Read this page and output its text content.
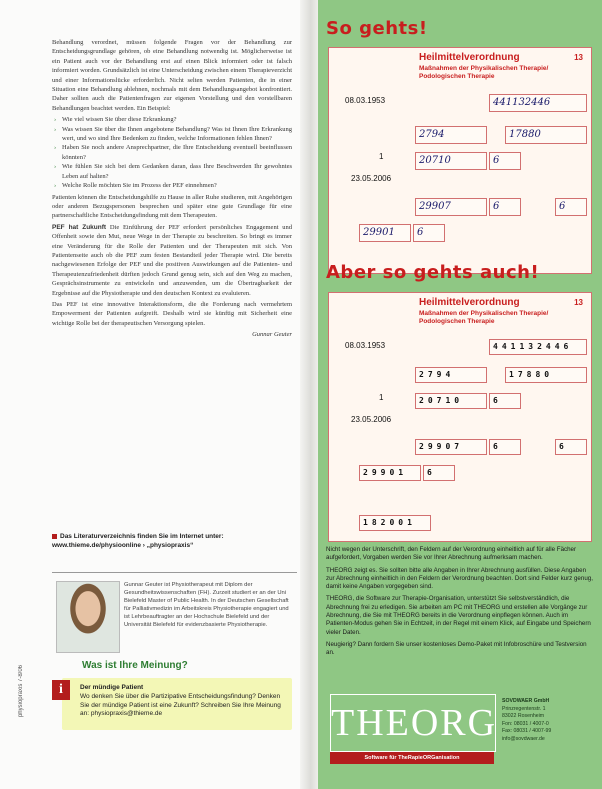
Behandlung verordnet, müssen folgende Fragen vor der Behandlung zur Entscheidungsgrundlage gehören, ob eine Behandlung notwendig ist. Möglicherweise ist ein Patient auch vor der Behandlung erst auf einen Blick informiert oder ist falsch informiert worden. Grundsätzlich ist eine Unterscheidung zwischen einem Therapieverzicht und einer Informationslücke erforderlich. Nicht selten werden Patienten, die in einer Situation eine Behandlung ablehnen, nochmals mit dem Behandlungsangebot konfrontiert. Daher sollten auch die Patientenfragen zur eigenen Vorstellung und den vorstellbaren Behandlungen beachtet werden. Ein Beispiel:

› Wie viel wissen Sie über diese Erkrankung?
› Was wissen Sie über die Ihnen angebotene Behandlung? Was ist Ihnen Ihre Erkrankung wert, und wo sind Ihre Bedenken zu finden, welche Informationen fehlen Ihnen?
› Haben Sie noch andere Ansprechpartner, die Ihre Entscheidung eventuell beeinflussen könnten?
› Wie fühlen Sie sich bei dem Gedanken daran, dass Ihre Beschwerden Ihr gewohntes Leben auf halten?
› Welche Rolle möchten Sie im Prozess der PEF einnehmen?

Patienten können die Entscheidungshilfe zu Hause in aller Ruhe studieren, mit Angehörigen oder anderen Bezugspersonen besprechen und später eine gute Grundlage für eine partnerschaftliche Entscheidungsfindung mit dem Therapeuten.

PEF hat Zukunft Die Einführung der PEF erfordert persönliches Engagement und Offenheit sowie den Mut, neue Wege in der Therapie zu beschreiten. So bringt es immer eine Veränderung für die Rolle der Patienten und der Therapeuten mit sich. Von Patientenseite auch ob die PEF zum festen Bestandteil jeder Therapie wird. Die bereits nachgewiesenen Erfolge der PEF und die positiven Auswirkungen auf die Patienten- und Therapeutenzufriedenheit dürften jedoch Grund genug sein, sich auf den Weg zu machen, Gesprächsinstrumente zu entwickeln und anzuwenden, um die Übertragbarkeit der Ergebnisse auf die Physiotherapie und den deutschen Kontext zu evaluieren.

Das PEF ist eine innovative Interaktionsform, die die Forderung nach vermehrtem Empowerment der Patienten aufgreift. Deshalb wird sie künftig mit Sicherheit eine wichtige Rolle bei der therapeutischen Versorgung spielen.

Gunnar Geuter
Das Literaturverzeichnis finden Sie im Internet unter:
www.thieme.de/physioonline › „physiopraxis“
Gunnar Geuter ist Physiotherapeut mit Diplom der Gesundheitswissenschaften (FH). Zurzeit studiert er an der Uni Bielefeld Master of Public Health. In der Deutschen Gesellschaft für Palliativmedizin im Arbeitskreis Physiotherapie engagiert und ist Lehrbeauftragter an der Hochschule Bielefeld und der Universität Bielefeld für evidenzbasierte Physiotherapie.
Was ist Ihre Meinung?
i	Der mündige Patient
Wo denken Sie über die Partizipative Entscheidungsfindung? Denken Sie der mündige Patient ist eine Zukunft? Schreiben Sie Ihre Meinung an: physiopraxis@thieme.de
physiopraxis 7-8/06
So gehts!
Heilmittelverordnung	13
Maßnahmen der Physikalischen Therapie/ Podologischen Therapie
08.03.1953	441132446
2794	17880
1	20710	6
23.05.2006
29907	6	6
29901 6
Aber so gehts auch!
Heilmittelverordnung	13
Maßnahmen der Physikalischen Therapie/ Podologischen Therapie
08.03.1953	441132446
2794	17880
1	20710	6
23.05.2006
29907	6	6
29901 6
182001

Nicht wegen der Unterschrift, den Feldern auf der Verordnung einheitlich auf für alle Fächer aufgefordert, Vorgaben werden Sie vor Ihrer Abrechnung aufmerksam machen.

THEORG zeigt es. Sie sollten bitte alle Angaben in Ihrer Abrechnung ausfüllen. Diese Angaben zur Abrechnung einheitlich in den Feldern der Verordnung beachten. Dort sind Felder kurz genug, damit keine Angaben vorgegeben sind.

THEORG, die Software zur Therapie-Organisation, unterstützt Sie selbstverständlich, die Abrechnung frei zu erledigen. Sie arbeiten am PC mit THEORG und erstellen alle Vorgänge zur Abrechnung, die Sie mit THEORG bereits in die Verordnung einpflegen können. Auch im Patienten-Modus gehen Sie in Echtzeit, in der Regel mit einem Klick, auf Eingabe und Speichern vieler Daten.

Neugierig? Dann fordern Sie unser kostenloses Demo-Paket mit Infobroschüre und Testversion an.

THEORG
Software für TheRapieORGanisation
SOVDWAER GmbH
Prinzregentenstr. 1
83022 Rosenheim
Fon: 08031 / 4007-0
Fax: 08031 / 4007-99
info@sovdwaer.de
